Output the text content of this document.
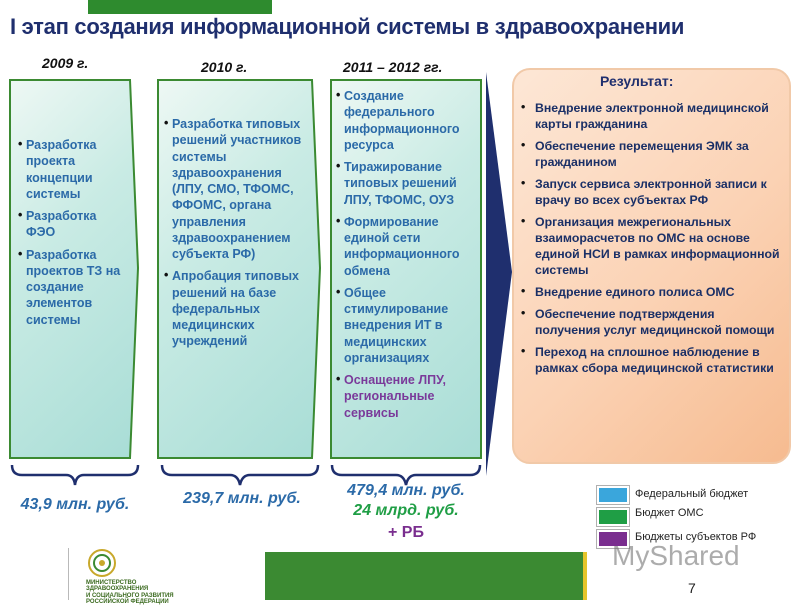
I этап создания информационной системы в здравоохранении
2009 г.	2010 г.	2011 – 2012 гг.
• Разработка проекта концепции системы
• Разработка ФЭО
• Разработка проектов ТЗ на создание элементов системы
• Разработка типовых решений участников системы здравоохранения (ЛПУ, СМО, ТФОМС, ФФОМС, органа управления здравоохранением субъекта РФ)
• Апробация типовых решений на базе федеральных медицинских учреждений
• Создание федерального информационного ресурса
• Тиражирование типовых решений ЛПУ, ТФОМС, ОУЗ
• Формирование единой сети информационного обмена
• Общее стимулирование внедрения ИТ в медицинских организациях
• Оснащение ЛПУ, региональные сервисы
Результат:
• Внедрение электронной медицинской карты гражданина
• Обеспечение перемещения ЭМК за гражданином
• Запуск сервиса электронной записи к врачу во всех субъектах РФ
• Организация межрегиональных взаиморасчетов по ОМС на основе единой НСИ в рамках информационной системы
• Внедрение единого полиса ОМС
• Обеспечение подтверждения получения услуг медицинской помощи
• Переход на сплошное наблюдение в рамках сбора медицинской статистики
43,9 млн. руб.	239,7 млн. руб.	479,4 млн. руб.
24 млрд. руб.
+ РБ
Федеральный бюджет
Бюджет ОМС
Бюджеты субъектов РФ
МИНИСТЕРСТВО
ЗДРАВООХРАНЕНИЯ
И СОЦИАЛЬНОГО РАЗВИТИЯ
РОССИЙСКОЙ ФЕДЕРАЦИИ
MyShared
7
